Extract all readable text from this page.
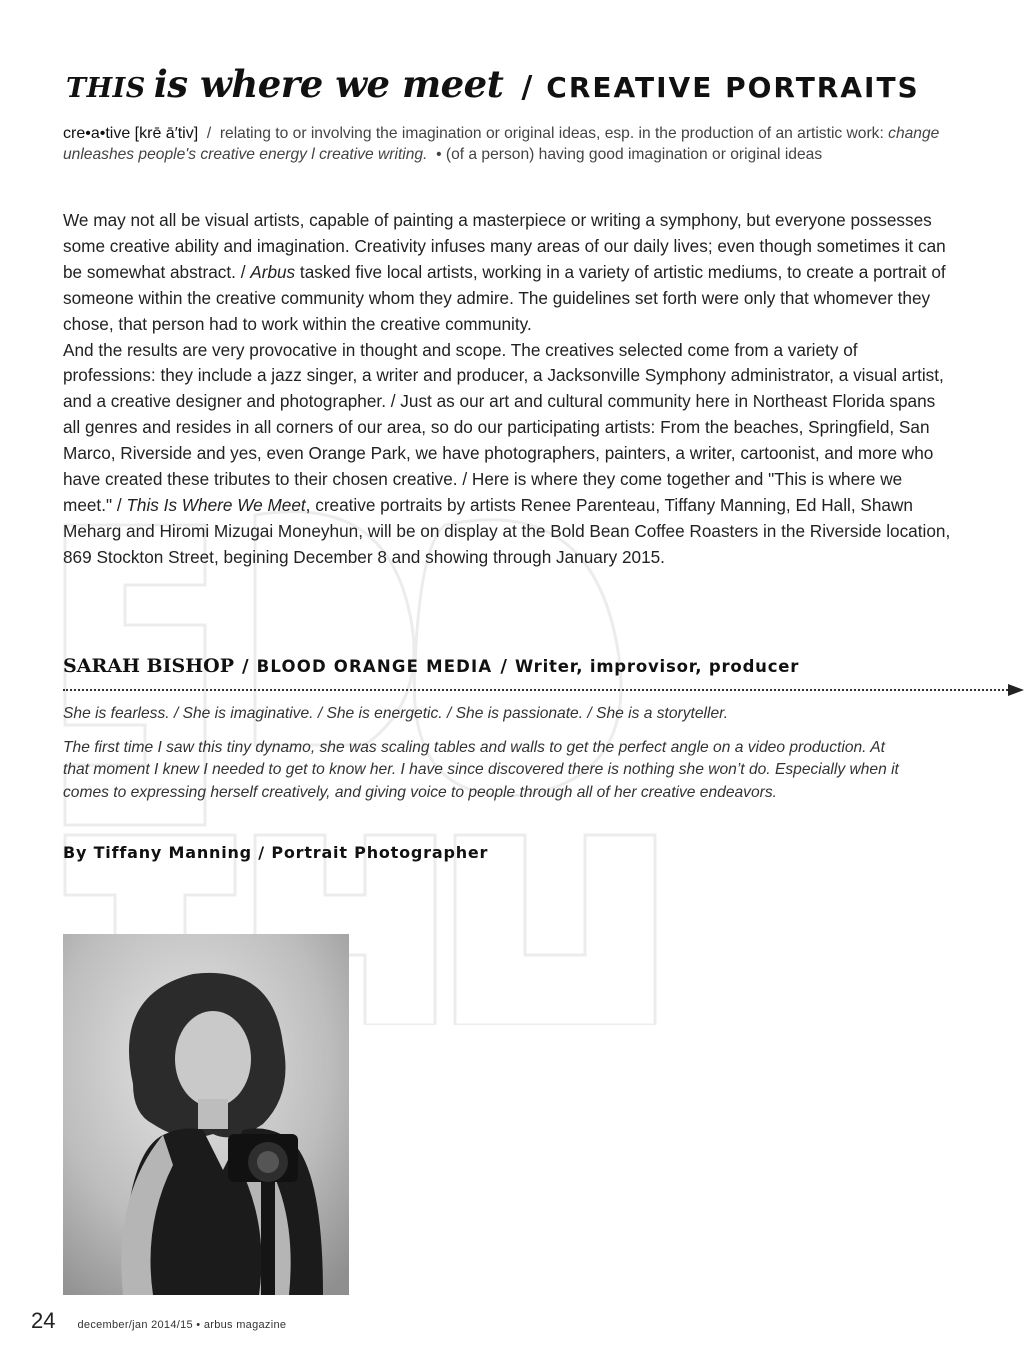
THIS is where we meet / CREATIVE PORTRAITS
cre•a•tive [krē ā′tiv] / relating to or involving the imagination or original ideas, esp. in the production of an artistic work: change unleashes people's creative energy l creative writing. • (of a person) having good imagination or original ideas

We may not all be visual artists, capable of painting a masterpiece or writing a symphony, but everyone possesses some creative ability and imagination. Creativity infuses many areas of our daily lives; even though sometimes it can be somewhat abstract. / Arbus tasked five local artists, working in a variety of artistic mediums, to create a portrait of someone within the creative community whom they admire. The guidelines set forth were only that whomever they chose, that person had to work within the creative community.

And the results are very provocative in thought and scope. The creatives selected come from a variety of professions: they include a jazz singer, a writer and producer, a Jacksonville Symphony administrator, a visual artist, and a creative designer and photographer. / Just as our art and cultural community here in Northeast Florida spans all genres and resides in all corners of our area, so do our participating artists: From the beaches, Springfield, San Marco, Riverside and yes, even Orange Park, we have photographers, painters, a writer, cartoonist, and more who have created these tributes to their chosen creative. / Here is where they come together and "This is where we meet." / This Is Where We Meet, creative portraits by artists Renee Parenteau, Tiffany Manning, Ed Hall, Shawn Meharg and Hiromi Mizugai Moneyhun, will be on display at the Bold Bean Coffee Roasters in the Riverside location, 869 Stockton Street, begining December 8 and showing through January 2015.

SARAH BISHOP / BLOOD ORANGE MEDIA / Writer, improvisor, producer
She is fearless. / She is imaginative. / She is energetic. / She is passionate. / She is a storyteller.
The first time I saw this tiny dynamo, she was scaling tables and walls to get the perfect angle on a video production. At that moment I knew I needed to get to know her. I have since discovered there is nothing she won’t do. Especially when it comes to expressing herself creatively, and giving voice to people through all of her creative endeavors.
By Tiffany Manning / Portrait Photographer
24 december/jan 2014/15 • arbus magazine
